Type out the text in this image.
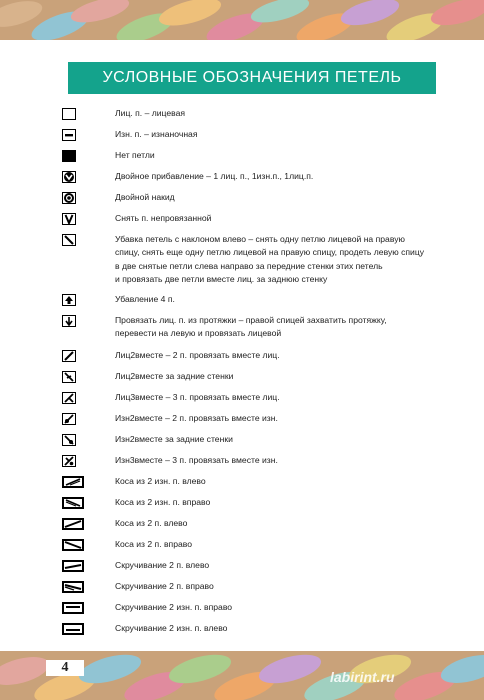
УСЛОВНЫЕ ОБОЗНАЧЕНИЯ ПЕТЕЛЬ
Лиц. п. – лицевая
Изн. п. – изнаночная
Нет петли
Двойное прибавление – 1 лиц. п., 1изн.п., 1лиц.п.
Двойной накид
Снять п. непровязанной
Убавка петель с наклоном влево – снять одну петлю лицевой на правую
спицу, снять еще одну петлю лицевой на правую спицу, продеть левую спицу
в две снятые петли слева направо за передние стенки этих петель
и провязать две петли вместе лиц. за заднюю стенку
Убавление 4 п.
Провязать лиц. п. из протяжки – правой спицей захватить протяжку,
перевести на левую и провязать лицевой
Лиц2вместе – 2 п. провязать вместе лиц.
Лиц2вместе за задние стенки
Лиц3вместе – 3 п. провязать вместе лиц.
Изн2вместе – 2 п. провязать вместе изн.
Изн2вместе за задние стенки
Изн3вместе – 3 п. провязать вместе изн.
Коса из 2 изн. п. влево
Коса из 2 изн. п. вправо
Коса из 2 п. влево
Коса из 2 п. вправо
Скручивание 2 п. влево
Скручивание 2 п. вправо
Скручивание 2 изн. п. вправо
Скручивание 2 изн. п. влево
4
labirint.ru
